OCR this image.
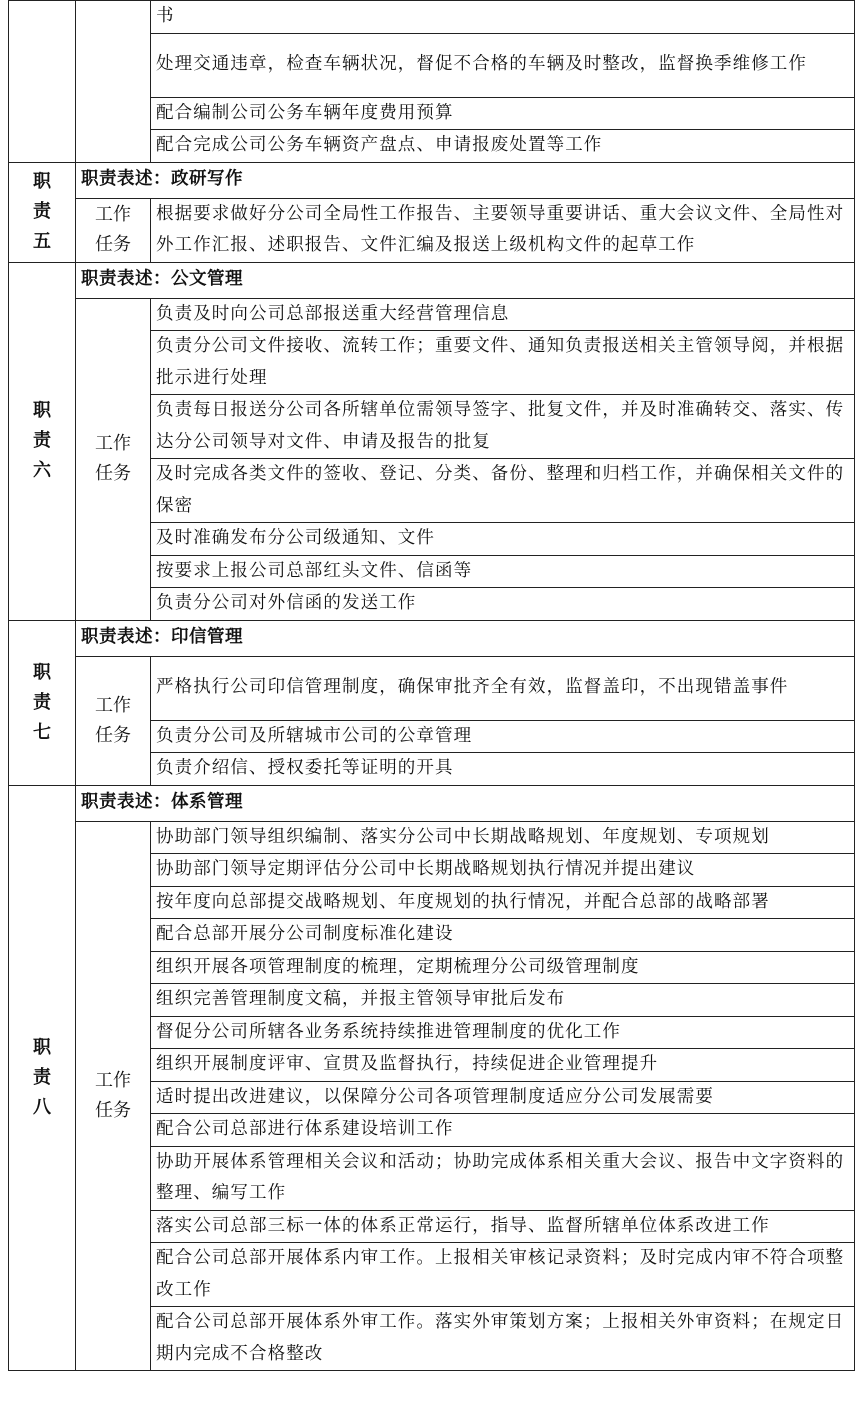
		书
		处理交通违章，检查车辆状况，督促不合格的车辆及时整改，监督换季维修工作
		配合编制公司公务车辆年度费用预算
		配合完成公司公务车辆资产盘点、申请报废处置等工作
职责五	职责表述：政研写作	
	工作任务	根据要求做好分公司全局性工作报告、主要领导重要讲话、重大会议文件、全局性对外工作汇报、述职报告、文件汇编及报送上级机构文件的起草工作
职责六	职责表述：公文管理	
	工作任务	负责及时向公司总部报送重大经营管理信息
		负责分公司文件接收、流转工作；重要文件、通知负责报送相关主管领导阅，并根据批示进行处理
		负责每日报送分公司各所辖单位需领导签字、批复文件，并及时准确转交、落实、传达分公司领导对文件、申请及报告的批复
		及时完成各类文件的签收、登记、分类、备份、整理和归档工作，并确保相关文件的保密
		及时准确发布分公司级通知、文件
		按要求上报公司总部红头文件、信函等
		负责分公司对外信函的发送工作
职责七	职责表述：印信管理	
	工作任务	严格执行公司印信管理制度，确保审批齐全有效，监督盖印，不出现错盖事件
		负责分公司及所辖城市公司的公章管理
		负责介绍信、授权委托等证明的开具
职责八	职责表述：体系管理	
	工作任务	协助部门领导组织编制、落实分公司中长期战略规划、年度规划、专项规划
		协助部门领导定期评估分公司中长期战略规划执行情况并提出建议
		按年度向总部提交战略规划、年度规划的执行情况，并配合总部的战略部署
		配合总部开展分公司制度标准化建设
		组织开展各项管理制度的梳理，定期梳理分公司级管理制度
		组织完善管理制度文稿，并报主管领导审批后发布
		督促分公司所辖各业务系统持续推进管理制度的优化工作
		组织开展制度评审、宣贯及监督执行，持续促进企业管理提升
		适时提出改进建议，以保障分公司各项管理制度适应分公司发展需要
		配合公司总部进行体系建设培训工作
		协助开展体系管理相关会议和活动；协助完成体系相关重大会议、报告中文字资料的整理、编写工作
		落实公司总部三标一体的体系正常运行，指导、监督所辖单位体系改进工作
		配合公司总部开展体系内审工作。上报相关审核记录资料；及时完成内审不符合项整改工作
		配合公司总部开展体系外审工作。落实外审策划方案；上报相关外审资料；在规定日期内完成不合格整改
